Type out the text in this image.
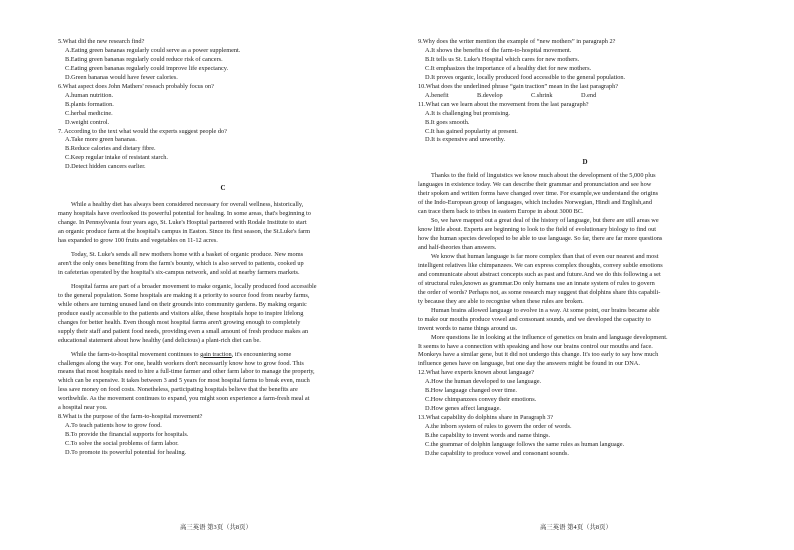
5.What did the new research find?
A.Eating green bananas regularly could serve as a power supplement.
B.Eating green bananas regularly could reduce risk of cancers.
C.Eating green bananas regularly could improve life expectancy.
D.Green bananas would have fewer calories.
6.What aspect does John Mathers' reseach probably focus on?
A.human nutrition.
B.plants formation.
C.herbal medicine.
D.weight control.
7. According to the text what would the experts suggest people do?
A.Take more green bananas.
B.Reduce calories and dietary fibre.
C.Keep regular intake of resistant starch.
D.Detect hidden cancers earlier.
C
While a healthy diet has always been considered necessary for overall wellness, historically,
many hospitals have overlooked its powerful potential for healing. In some areas, that's beginning to
change. In Pennsylvania four years ago, St. Luke's Hospital partnered with Rodale Institute to start
an organic produce farm at the hospital's campus in Easton. Since its first season, the St.Luke's farm
has expanded to grow 100 fruits and vegetables on 11-12 acres.
Today, St. Luke's sends all new mothers home with a basket of organic produce. New moms
aren't the only ones benefiting from the farm's bounty, which is also served to patients, cooked up
in cafeterias operated by the hospital's six-campus network, and sold at nearby farmers markets.
Hospital farms are part of a broader movement to make organic, locally produced food accessible
to the general population. Some hospitals are making it a priority to source food from nearby farms,
while others are turning unused land on their grounds into community gardens. By making organic
produce easily accessible to the patients and visitors alike, these hospitals hope to inspire lifelong
changes for better health. Even though most hospital farms aren't growing enough to completely
supply their staff and patient food needs, providing even a small amount of fresh produce makes an
educational statement about how healthy (and delicious) a plant-rich diet can be.
While the farm-to-hospital movement continues to gain traction, it's encountering some
challenges along the way. For one, health workers don't necessarily know how to grow food. This
means that most hospitals need to hire a full-time farmer and other farm labor to manage the property,
which can be expensive. It takes between 3 and 5 years for most hospital farms to break even, much
less save money on food costs. Nonetheless, participating hospitals believe that the benefits are
worthwhile. As the movement continues to expand, you might soon experience a farm-fresh meal at
a hospital near you.
8.What is the purpose of the farm-to-hospital movement?
A.To teach patients how to grow food.
B.To provide the financial supports for hospitals.
C.To solve the social problems of farm labor.
D.To promote its powerful potential for healing.
高三英语 第3页（共8页）
9.Why does the writer mention the example of “new mothers” in paragraph 2?
A.It shows the benefits of the farm-to-hospital movement.
B.It tells us St. Luke's Hospital which cares for new mothers.
C.It emphasizes the importance of a healthy diet for new mothers.
D.It proves organic, locally produced food accessible to the general population.
10.What does the underlined phrase “gain traction” mean in the last paragraph?
A.benefit	B.develop	C.shrink	D.end
11.What can we learn about the movement from the last paragraph?
A.It is challenging but promising.
B.It goes smooth.
C.It has gained popularity at present.
D.It is expensive and unworthy.
D
Thanks to the field of linguistics we know much about the development of the 5,000 plus
languages in existence today. We can describe their grammar and pronunciation and see how
their spoken and written forms have changed over time. For example,we understand the origins
of the Indo-European group of languages, which includes Norwegian, Hindi and English,and
can trace them back to tribes in eastern Europe in about 3000 BC.
So, we have mapped out a great deal of the history of language, but there are still areas we
know little about. Experts are beginning to look to the field of evolutionary biology to find out
how the human species developed to be able to use language. So far, there are far more questions
and half-theories than answers.
We know that human language is far more complex than that of even our nearest and most
intelligent relatives like chimpanzees. We can express complex thoughts, convey subtle emotions
and communicate about abstract concepts such as past and future.And we do this following a set
of structural rules,known as grammar.Do only humans use an innate system of rules to govern
the order of words? Perhaps not, as some research may suggest that dolphins share this capabili-
ty because they are able to recognise when these rules are broken.
Human brains allowed language to evolve in a way. At some point, our brains became able
to make our mouths produce vowel and consonant sounds, and we developed the capacity to
invent words to name things around us.
More questions lie in looking at the influence of genetics on brain and language development.
It seems to have a connection with speaking and how our brains control our mouths and face.
Monkeys have a similar gene, but it did not undergo this change. It's too early to say how much
influence genes have on language, but one day the answers might be found in our DNA.
12.What have experts known about language?
A.How the human developed to use language.
B.How language changed over time.
C.How chimpanzees convey their emotions.
D.How genes affect language.
13.What capability do dolphins share in Paragraph 3?
A.the inborn system of rules to govern the order of words.
B.the capability to invent words and name things.
C.the grammar of dolphin language follows the same rules as human language.
D.the capability to produce vowel and consonant sounds.
高三英语 第4页（共8页）
